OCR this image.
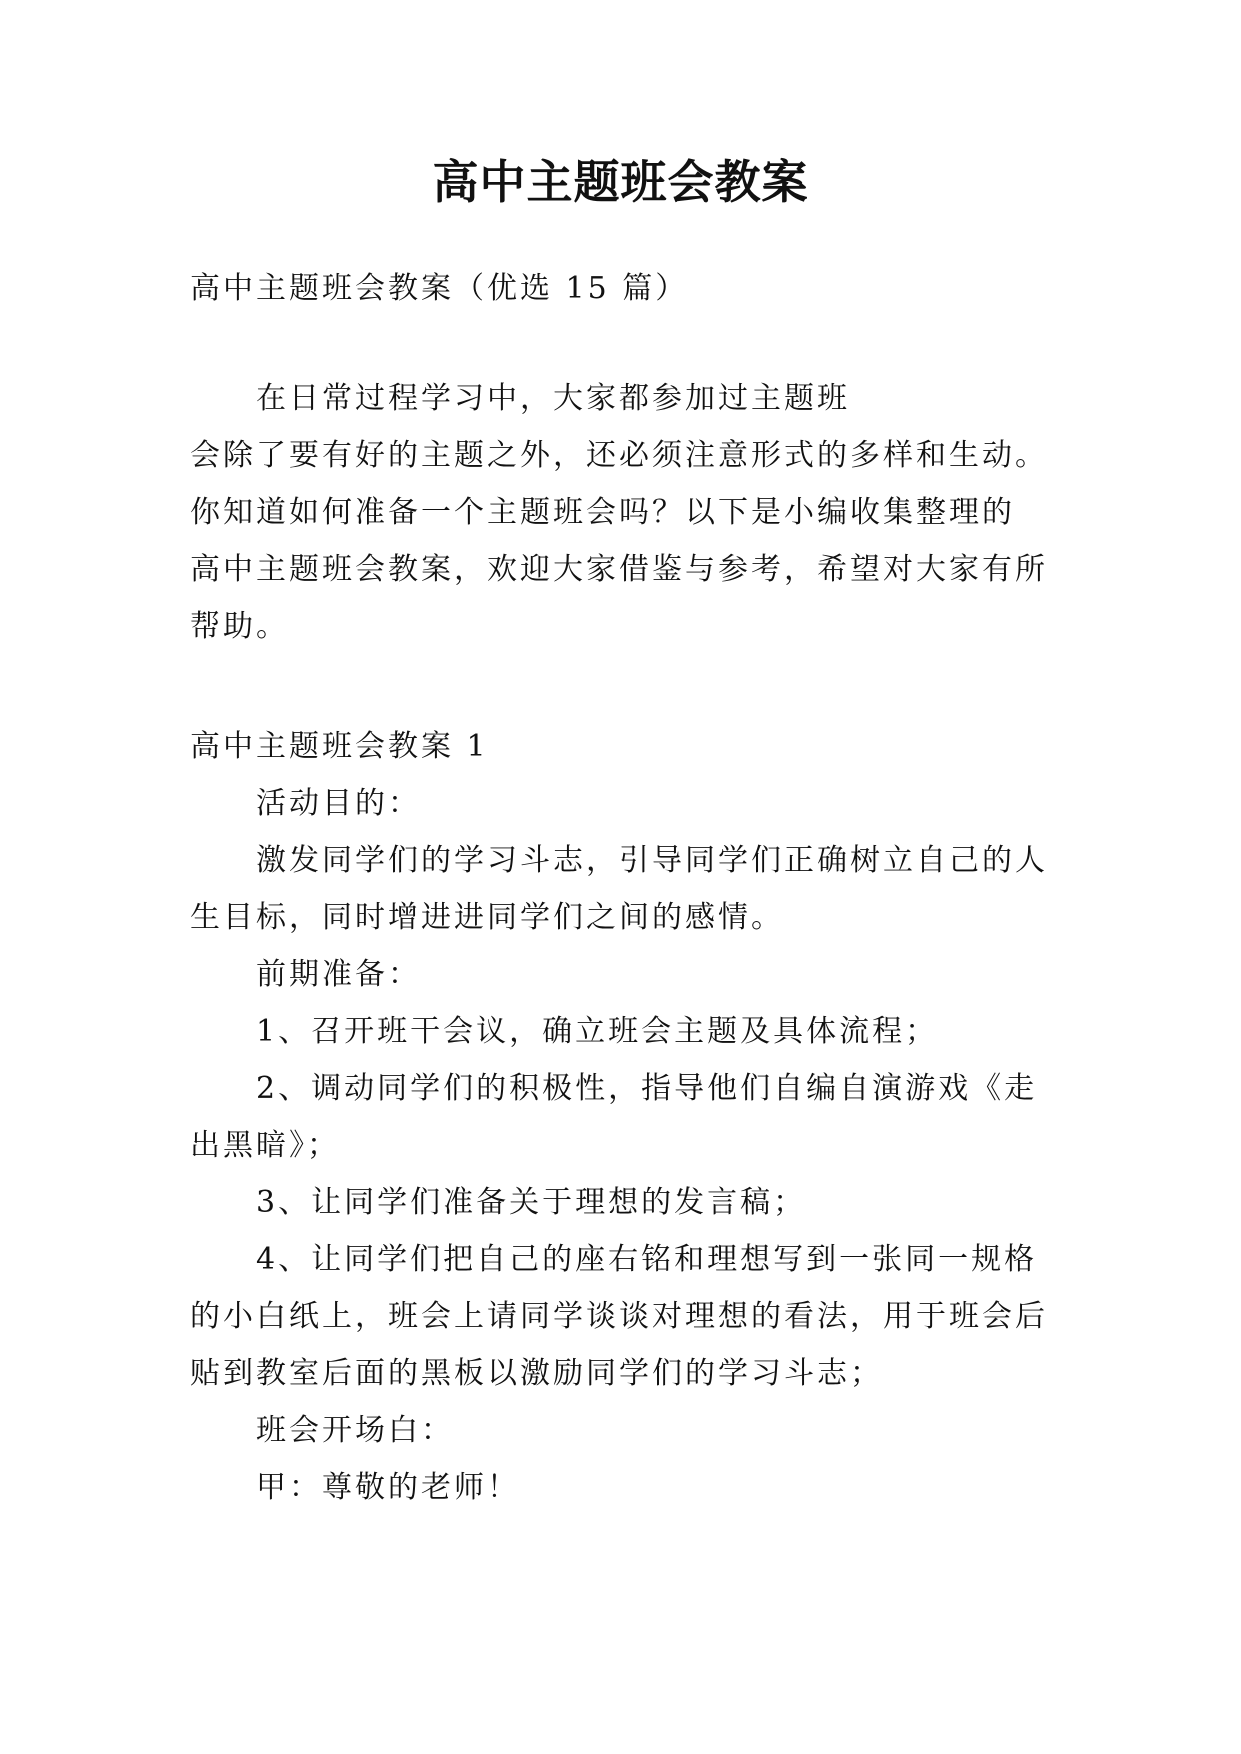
高中主题班会教案

高中主题班会教案（优选 15 篇）

在日常过程学习中，大家都参加过主题班
会除了要有好的主题之外，还必须注意形式的多样和生动。
你知道如何准备一个主题班会吗？以下是小编收集整理的
高中主题班会教案，欢迎大家借鉴与参考，希望对大家有所
帮助。
高中主题班会教案 1
活动目的：
激发同学们的学习斗志，引导同学们正确树立自己的人
生目标，同时增进进同学们之间的感情。
前期准备：
1、召开班干会议，确立班会主题及具体流程；
2、调动同学们的积极性，指导他们自编自演游戏《走
出黑暗》；
3、让同学们准备关于理想的发言稿；
4、让同学们把自己的座右铭和理想写到一张同一规格
的小白纸上，班会上请同学谈谈对理想的看法，用于班会后
贴到教室后面的黑板以激励同学们的学习斗志；
班会开场白：
甲：尊敬的老师！
